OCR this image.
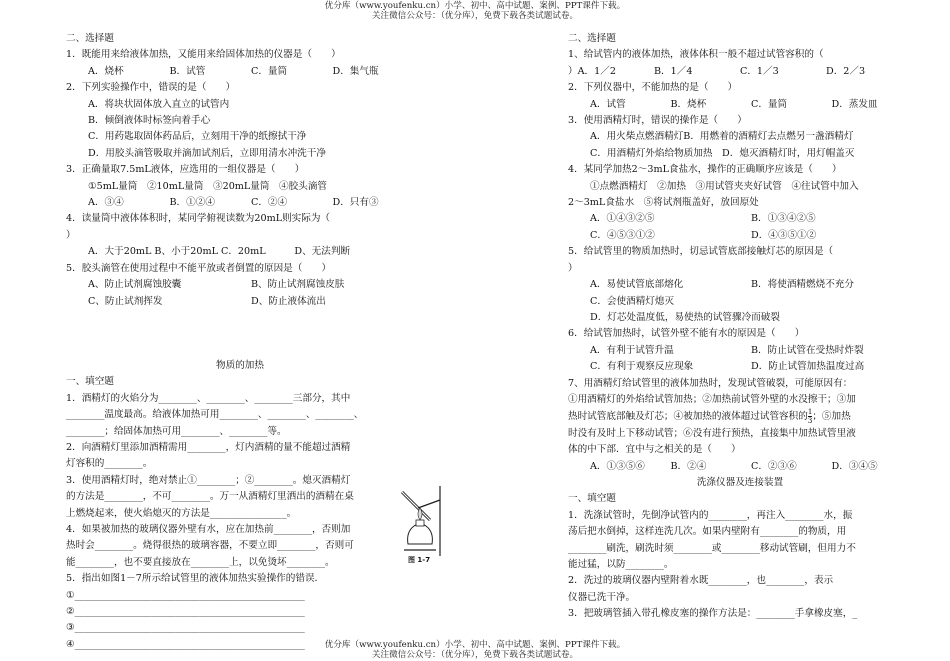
优分库（www.youfenku.cn）小学、初中、高中试题、案例、PPT课件下载。
关注微信公众号：（优分库），免费下载各类试题试卷。
二、选择题
1．既能用来给液体加热，又能用来给固体加热的仪器是（　　）
A．烧杯	B．试管	C．量筒	D．集气瓶
2．下列实验操作中，错误的是（　　）
A．将块状固体放入直立的试管内
B．倾倒液体时标签向着手心
C．用药匙取固体药品后，立刻用干净的纸擦拭干净
D．用胶头滴管吸取并滴加试剂后，立即用清水冲洗干净
3．正确量取7.5mL液体，应选用的一组仪器是（　　）
①5mL量筒　②10mL量筒　③20mL量筒　④胶头滴管
A．③④	B．①②④	C．②④	D．只有③
4．读量筒中液体体积时，某同学俯视读数为20mL则实际为（
）
A．大于20mL B、小于20mL C．20mL　　　D、无法判断
5．胶头滴管在使用过程中不能平放或者倒置的原因是（　　）
A、防止试剂腐蚀胶囊	B、防止试剂腐蚀皮肤
C、防止试剂挥发	D、防止液体流出
物质的加热
一、填空题
1．酒精灯的火焰分为________、________、________三部分，其中
________温度最高。给液体加热可用________、________、________、
________；给固体加热可用________、________等。
2．向酒精灯里添加酒精需用________，灯内酒精的量不能超过酒精
灯容积的________。
3．使用酒精灯时，绝对禁止①________；②________。熄灭酒精灯
的方法是________，不可________。万一从酒精灯里洒出的酒精在桌
上燃烧起来，使火焰熄灭的方法是________________。
4．如果被加热的玻璃仪器外壁有水，应在加热前________，否则加
热时会________。烧得很热的玻璃容器，不要立即________，否则可
能________，也不要直接放在________上，以免烫坏________。
5．指出如图1－7所示给试管里的液体加热实验操作的错误．
①________________________________________________
②________________________________________________
③________________________________________________
④________________________________________________
图 1-7
二、选择题
1、给试管内的液体加热，液体体积一般不超过试管容积的（
）A．1／2	B．1／4	C．1／3	D．2／3
2．下列仪器中，不能加热的是（　　）
A．试管	B．烧杯	C．量筒	D．蒸发皿
3．使用酒精灯时，错误的操作是（　　）
A．用火柴点燃酒精灯B．用燃着的酒精灯去点燃另一盏酒精灯
C．用酒精灯外焰给物质加热　D．熄灭酒精灯时，用灯帽盖灭
4．某同学加热2～3mL食盐水，操作的正确顺序应该是（　　）
①点燃酒精灯　②加热　③用试管夹夹好试管　④往试管中加入
2～3mL食盐水　⑤将试剂瓶盖好，放回原处
A．①④③②⑤	B．①③④②⑤
C．④⑤③①②	D．④③⑤①②
5．给试管里的物质加热时，切忌试管底部接触灯芯的原因是（
）
A．易使试管底部熔化	B．将使酒精燃烧不充分
C．会使酒精灯熄灭
D．灯芯处温度低，易使热的试管骤冷而破裂
6．给试管加热时，试管外壁不能有水的原因是（　　）
A．有利于试管升温	B．防止试管在受热时炸裂
C．有利于观察反应现象	D．防止试管加热温度过高
7、用酒精灯给试管里的液体加热时，发现试管破裂，可能原因有：
①用酒精灯的外焰给试管加热；②加热前试管外壁的水没擦干；③加
热时试管底部触及灯芯；④被加热的液体超过试管容积的 $\frac{1}{3}$；⑤加热
时没有及时上下移动试管；⑥没有进行预热，直接集中加热试管里液
体的中下部．宜中与之相关的是（　　）
A．①③⑤⑥	B．②④	C．②③⑥	D．③④⑤
洗涤仪器及连接装置
一、填空题
1．洗涤试管时，先倒净试管内的________，再注入________水，振
荡后把水倒掉，这样连洗几次。如果内壁附有________的物质，用
________刷洗，刷洗时须________或________移动试管刷，但用力不
能过猛，以防________。
2．洗过的玻璃仪器内壁附着水既________，也________，表示
仪器已洗干净。
3．把玻璃管插入带孔橡皮塞的操作方法是：________手拿橡皮塞，_
优分库（www.youfenku.cn）小学、初中、高中试题、案例、PPT课件下载。
关注微信公众号：（优分库），免费下载各类试题试卷。
